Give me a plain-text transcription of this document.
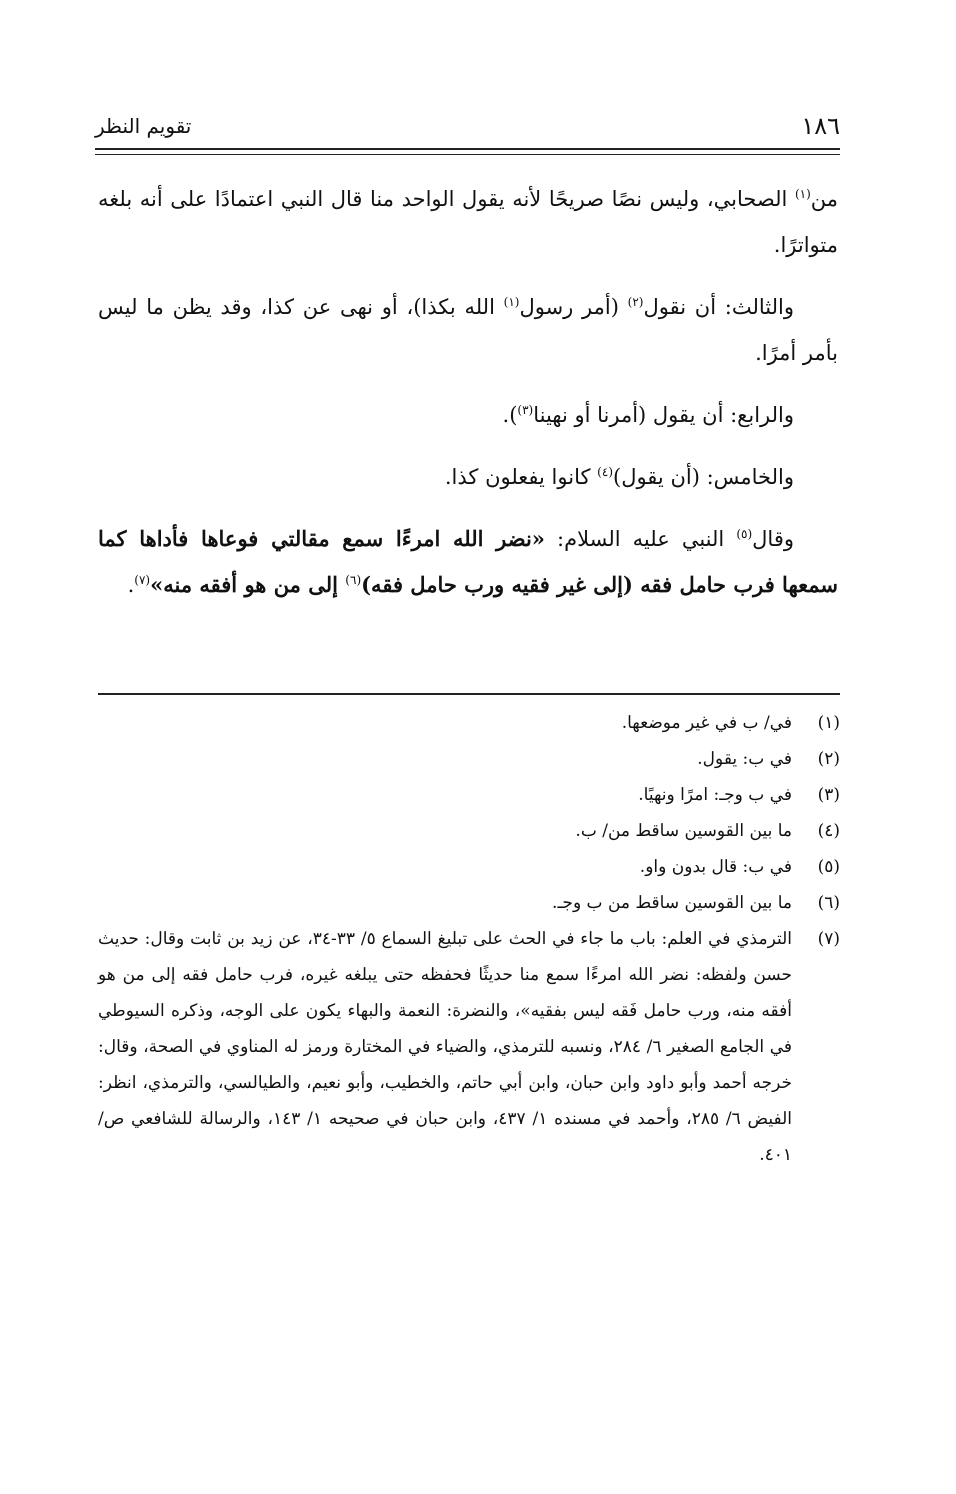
١٨٦
تقويم النظر

من$^{(١)}$ الصحابي، وليس نصًا صريحًا لأنه يقول الواحد منا قال النبي اعتمادًا على أنه بلغه متواترًا.

والثالث: أن نقول$^{(٢)}$ (أمر رسول$^{(١)}$ الله بكذا)، أو نهى عن كذا، وقد يظن ما ليس بأمر أمرًا.

والرابع: أن يقول (أمرنا أو نهينا$^{(٣)}$).

والخامس: (أن يقول)$^{(٤)}$ كانوا يفعلون كذا.

وقال$^{(٥)}$ النبي عليه السلام: «نضر الله امرءًا سمع مقالتي فوعاها فأداها كما سمعها فرب حامل فقه (إلى غير فقيه ورب حامل فقه)$^{(٦)}$ إلى من هو أفقه منه»$^{(٧)}$.

(١)
في/ ب في غير موضعها.
(٢)
في ب: يقول.
(٣)
في ب وجـ: امرًا ونهيًا.
(٤)
ما بين القوسين ساقط من/ ب.
(٥)
في ب: قال بدون واو.
(٦)
ما بين القوسين ساقط من ب وجـ.
(٧)
الترمذي في العلم: باب ما جاء في الحث على تبليغ السماع ٥/ ٣٣-٣٤، عن زيد بن ثابت وقال: حديث حسن ولفظه: نضر الله امرءًا سمع منا حديثًا فحفظه حتى يبلغه غيره، فرب حامل فقه إلى من هو أفقه منه، ورب حامل فَقه ليس بفقيه»، والنضرة: النعمة والبهاء يكون على الوجه، وذكره السيوطي في الجامع الصغير ٦/ ٢٨٤، ونسبه للترمذي، والضياء في المختارة ورمز له المناوي في الصحة، وقال: خرجه أحمد وأبو داود وابن حبان، وابن أبي حاتم، والخطيب، وأبو نعيم، والطيالسي، والترمذي، انظر: الفيض ٦/ ٢٨٥، وأحمد في مسنده ١/ ٤٣٧، وابن حبان في صحيحه ١/ ١٤٣، والرسالة للشافعي ص/ ٤٠١.
